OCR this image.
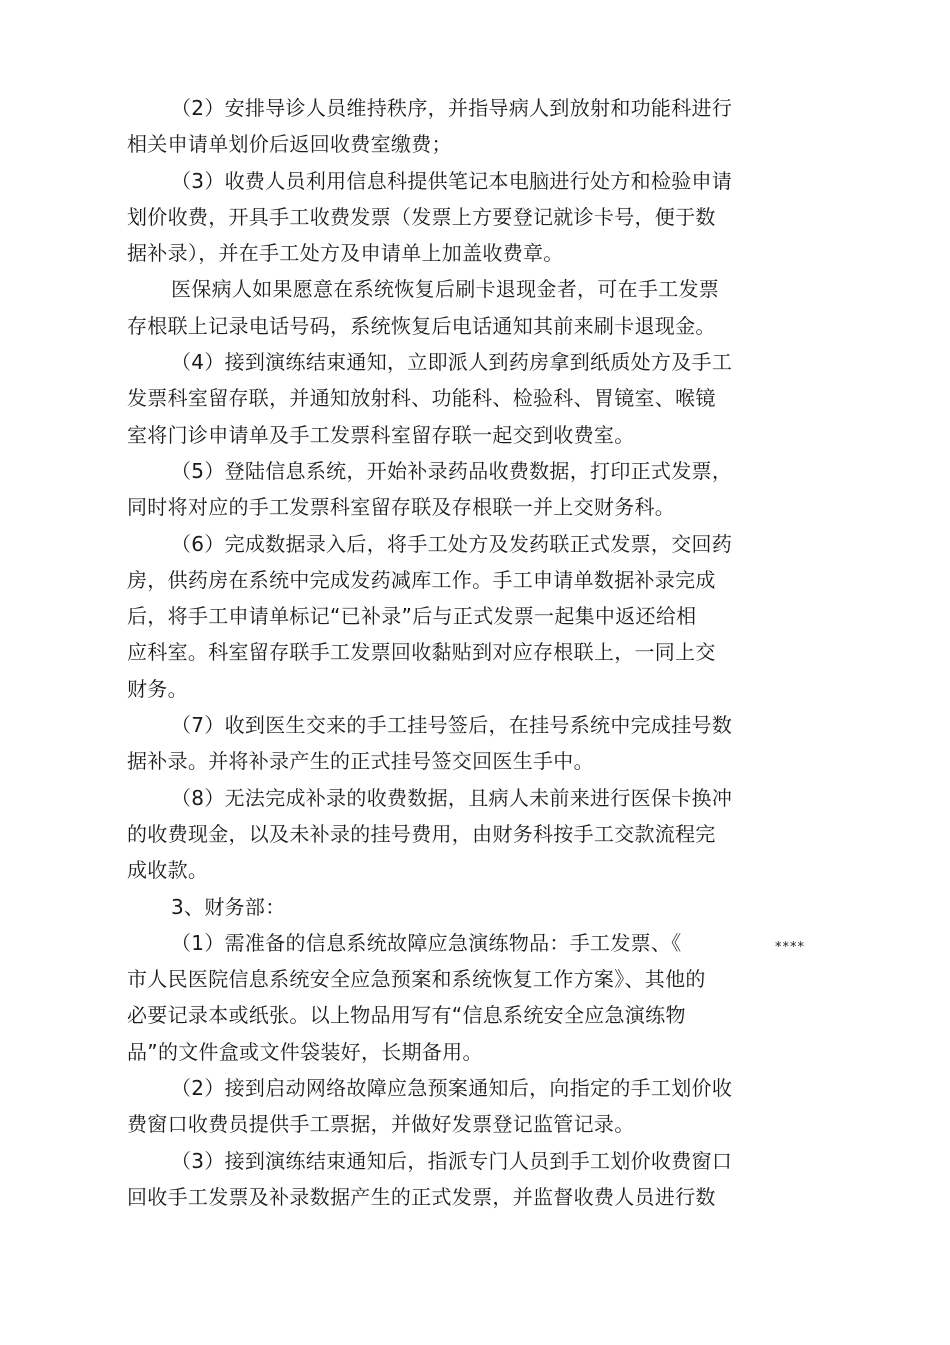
（2）安排导诊人员维持秩序，并指导病人到放射和功能科进行
相关申请单划价后返回收费室缴费；
（3）收费人员利用信息科提供笔记本电脑进行处方和检验申请
划价收费，开具手工收费发票（发票上方要登记就诊卡号，便于数
据补录），并在手工处方及申请单上加盖收费章。
医保病人如果愿意在系统恢复后刷卡退现金者，可在手工发票
存根联上记录电话号码，系统恢复后电话通知其前来刷卡退现金。
（4）接到演练结束通知，立即派人到药房拿到纸质处方及手工
发票科室留存联，并通知放射科、功能科、检验科、胃镜室、喉镜
室将门诊申请单及手工发票科室留存联一起交到收费室。
（5）登陆信息系统，开始补录药品收费数据，打印正式发票，
同时将对应的手工发票科室留存联及存根联一并上交财务科。
（6）完成数据录入后，将手工处方及发药联正式发票，交回药
房，供药房在系统中完成发药减库工作。手工申请单数据补录完成
后，将手工申请单标记“已补录”后与正式发票一起集中返还给相
应科室。科室留存联手工发票回收黏贴到对应存根联上，一同上交
财务。
（7）收到医生交来的手工挂号签后，在挂号系统中完成挂号数
据补录。并将补录产生的正式挂号签交回医生手中。
（8）无法完成补录的收费数据，且病人未前来进行医保卡换冲
的收费现金，以及未补录的挂号费用，由财务科按手工交款流程完
成收款。
3、财务部：
（1）需准备的信息系统故障应急演练物品：手工发票、《
市人民医院信息系统安全应急预案和系统恢复工作方案》、其他的
必要记录本或纸张。以上物品用写有“信息系统安全应急演练物
品”的文件盒或文件袋装好，长期备用。
（2）接到启动网络故障应急预案通知后，向指定的手工划价收
费窗口收费员提供手工票据，并做好发票登记监管记录。
（3）接到演练结束通知后，指派专门人员到手工划价收费窗口
回收手工发票及补录数据产生的正式发票，并监督收费人员进行数
****
